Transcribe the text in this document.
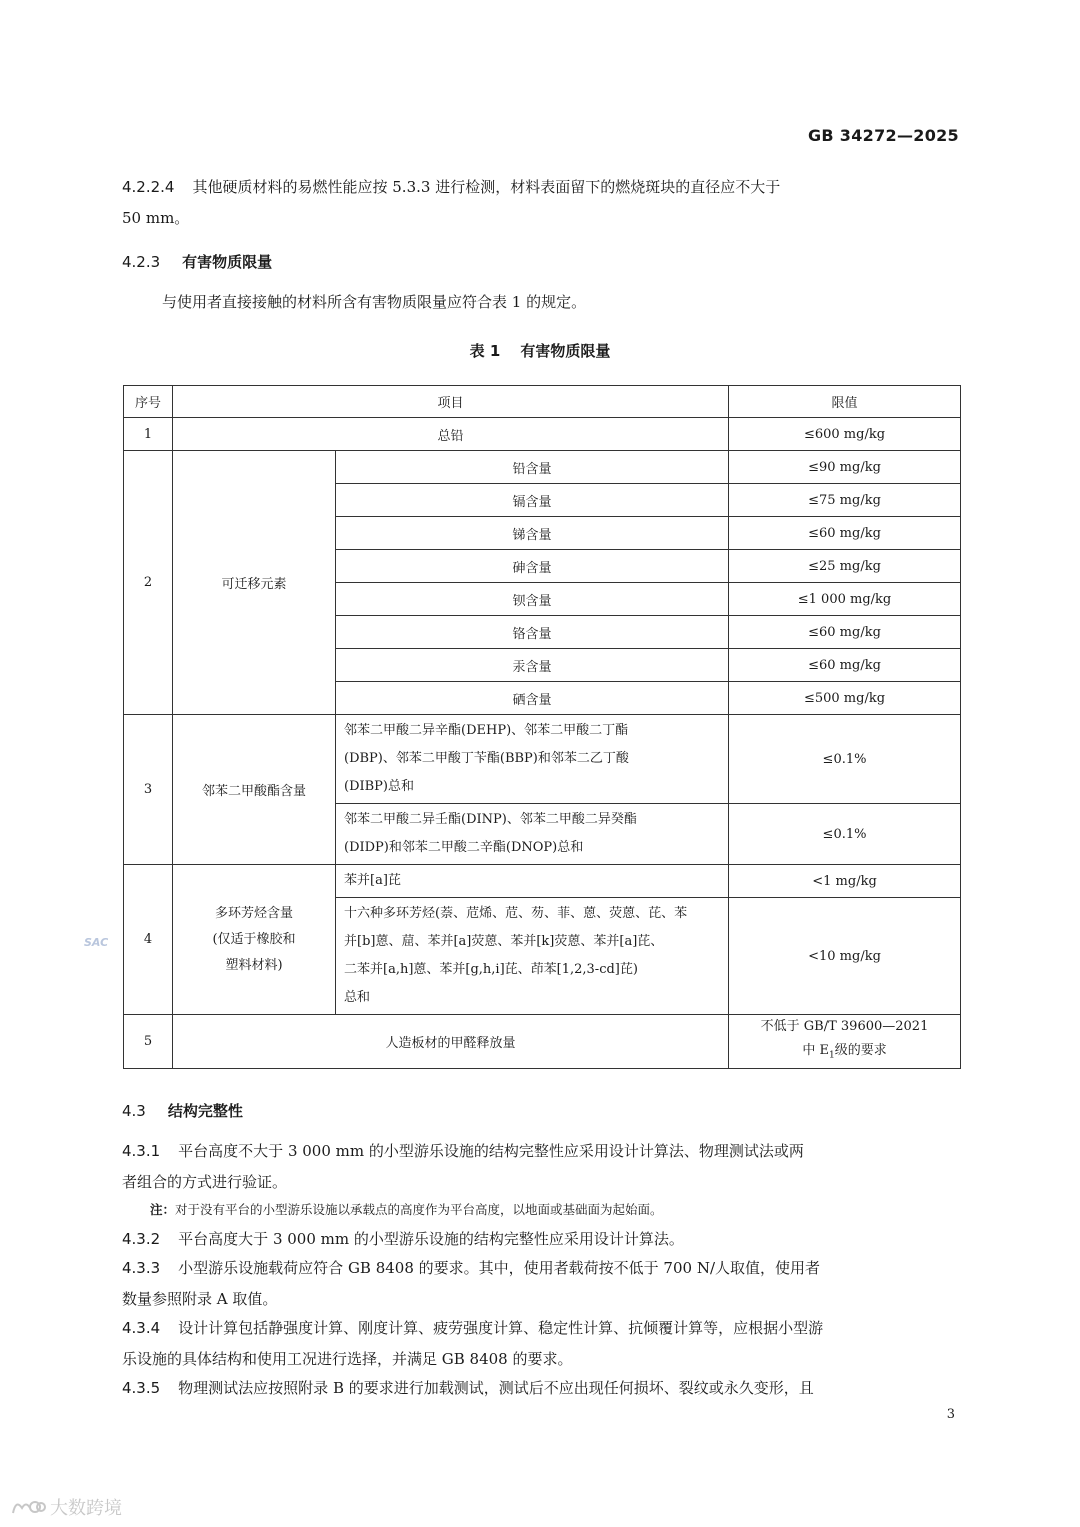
GB 34272—2025
4.2.2.4 其他硬质材料的易燃性能应按 5.3.3 进行检测，材料表面留下的燃烧斑块的直径应不大于
50 mm。
4.2.3 有害物质限量
与使用者直接接触的材料所含有害物质限量应符合表 1 的规定。
表 1 有害物质限量
序号	项目		限值
1	总铅		≤600 mg/kg
2	可迁移元素	铅含量	≤90 mg/kg
		镉含量	≤75 mg/kg
		锑含量	≤60 mg/kg
		砷含量	≤25 mg/kg
		钡含量	≤1 000 mg/kg
		铬含量	≤60 mg/kg
		汞含量	≤60 mg/kg
		硒含量	≤500 mg/kg
3	邻苯二甲酸酯含量	邻苯二甲酸二异辛酯(DEHP)、邻苯二甲酸二丁酯
(DBP)、邻苯二甲酸丁苄酯(BBP)和邻苯二乙丁酸
(DIBP)总和	≤0.1%

		邻苯二甲酸二异壬酯(DINP)、邻苯二甲酸二异癸酯
(DIDP)和邻苯二甲酸二辛酯(DNOP)总和	≤0.1%
4	多环芳烃含量
(仅适于橡胶和
塑料材料)	苯并[a]芘	<1 mg/kg

		十六种多环芳烃(萘、苊烯、苊、芴、菲、蒽、荧蒽、芘、苯
并[b]蒽、䓛、苯并[a]荧蒽、苯并[k]荧蒽、苯并[a]芘、
二苯并[a,h]蒽、苯并[g,h,i]芘、茚苯[1,2,3-cd]芘)
总和	<10 mg/kg
5	人造板材的甲醛释放量		不低于 GB/T 39600—2021
中 $E_1$级的要求
SAC
4.3 结构完整性
4.3.1 平台高度不大于 3 000 mm 的小型游乐设施的结构完整性应采用设计计算法、物理测试法或两
者组合的方式进行验证。
注：对于没有平台的小型游乐设施以承载点的高度作为平台高度，以地面或基础面为起始面。
4.3.2 平台高度大于 3 000 mm 的小型游乐设施的结构完整性应采用设计计算法。
4.3.3 小型游乐设施载荷应符合 GB 8408 的要求。其中，使用者载荷按不低于 700 N/人取值，使用者
数量参照附录 A 取值。
4.3.4 设计计算包括静强度计算、刚度计算、疲劳强度计算、稳定性计算、抗倾覆计算等，应根据小型游
乐设施的具体结构和使用工况进行选择，并满足 GB 8408 的要求。
4.3.5 物理测试法应按照附录 B 的要求进行加载测试，测试后不应出现任何损坏、裂纹或永久变形，且
3
大数跨境
